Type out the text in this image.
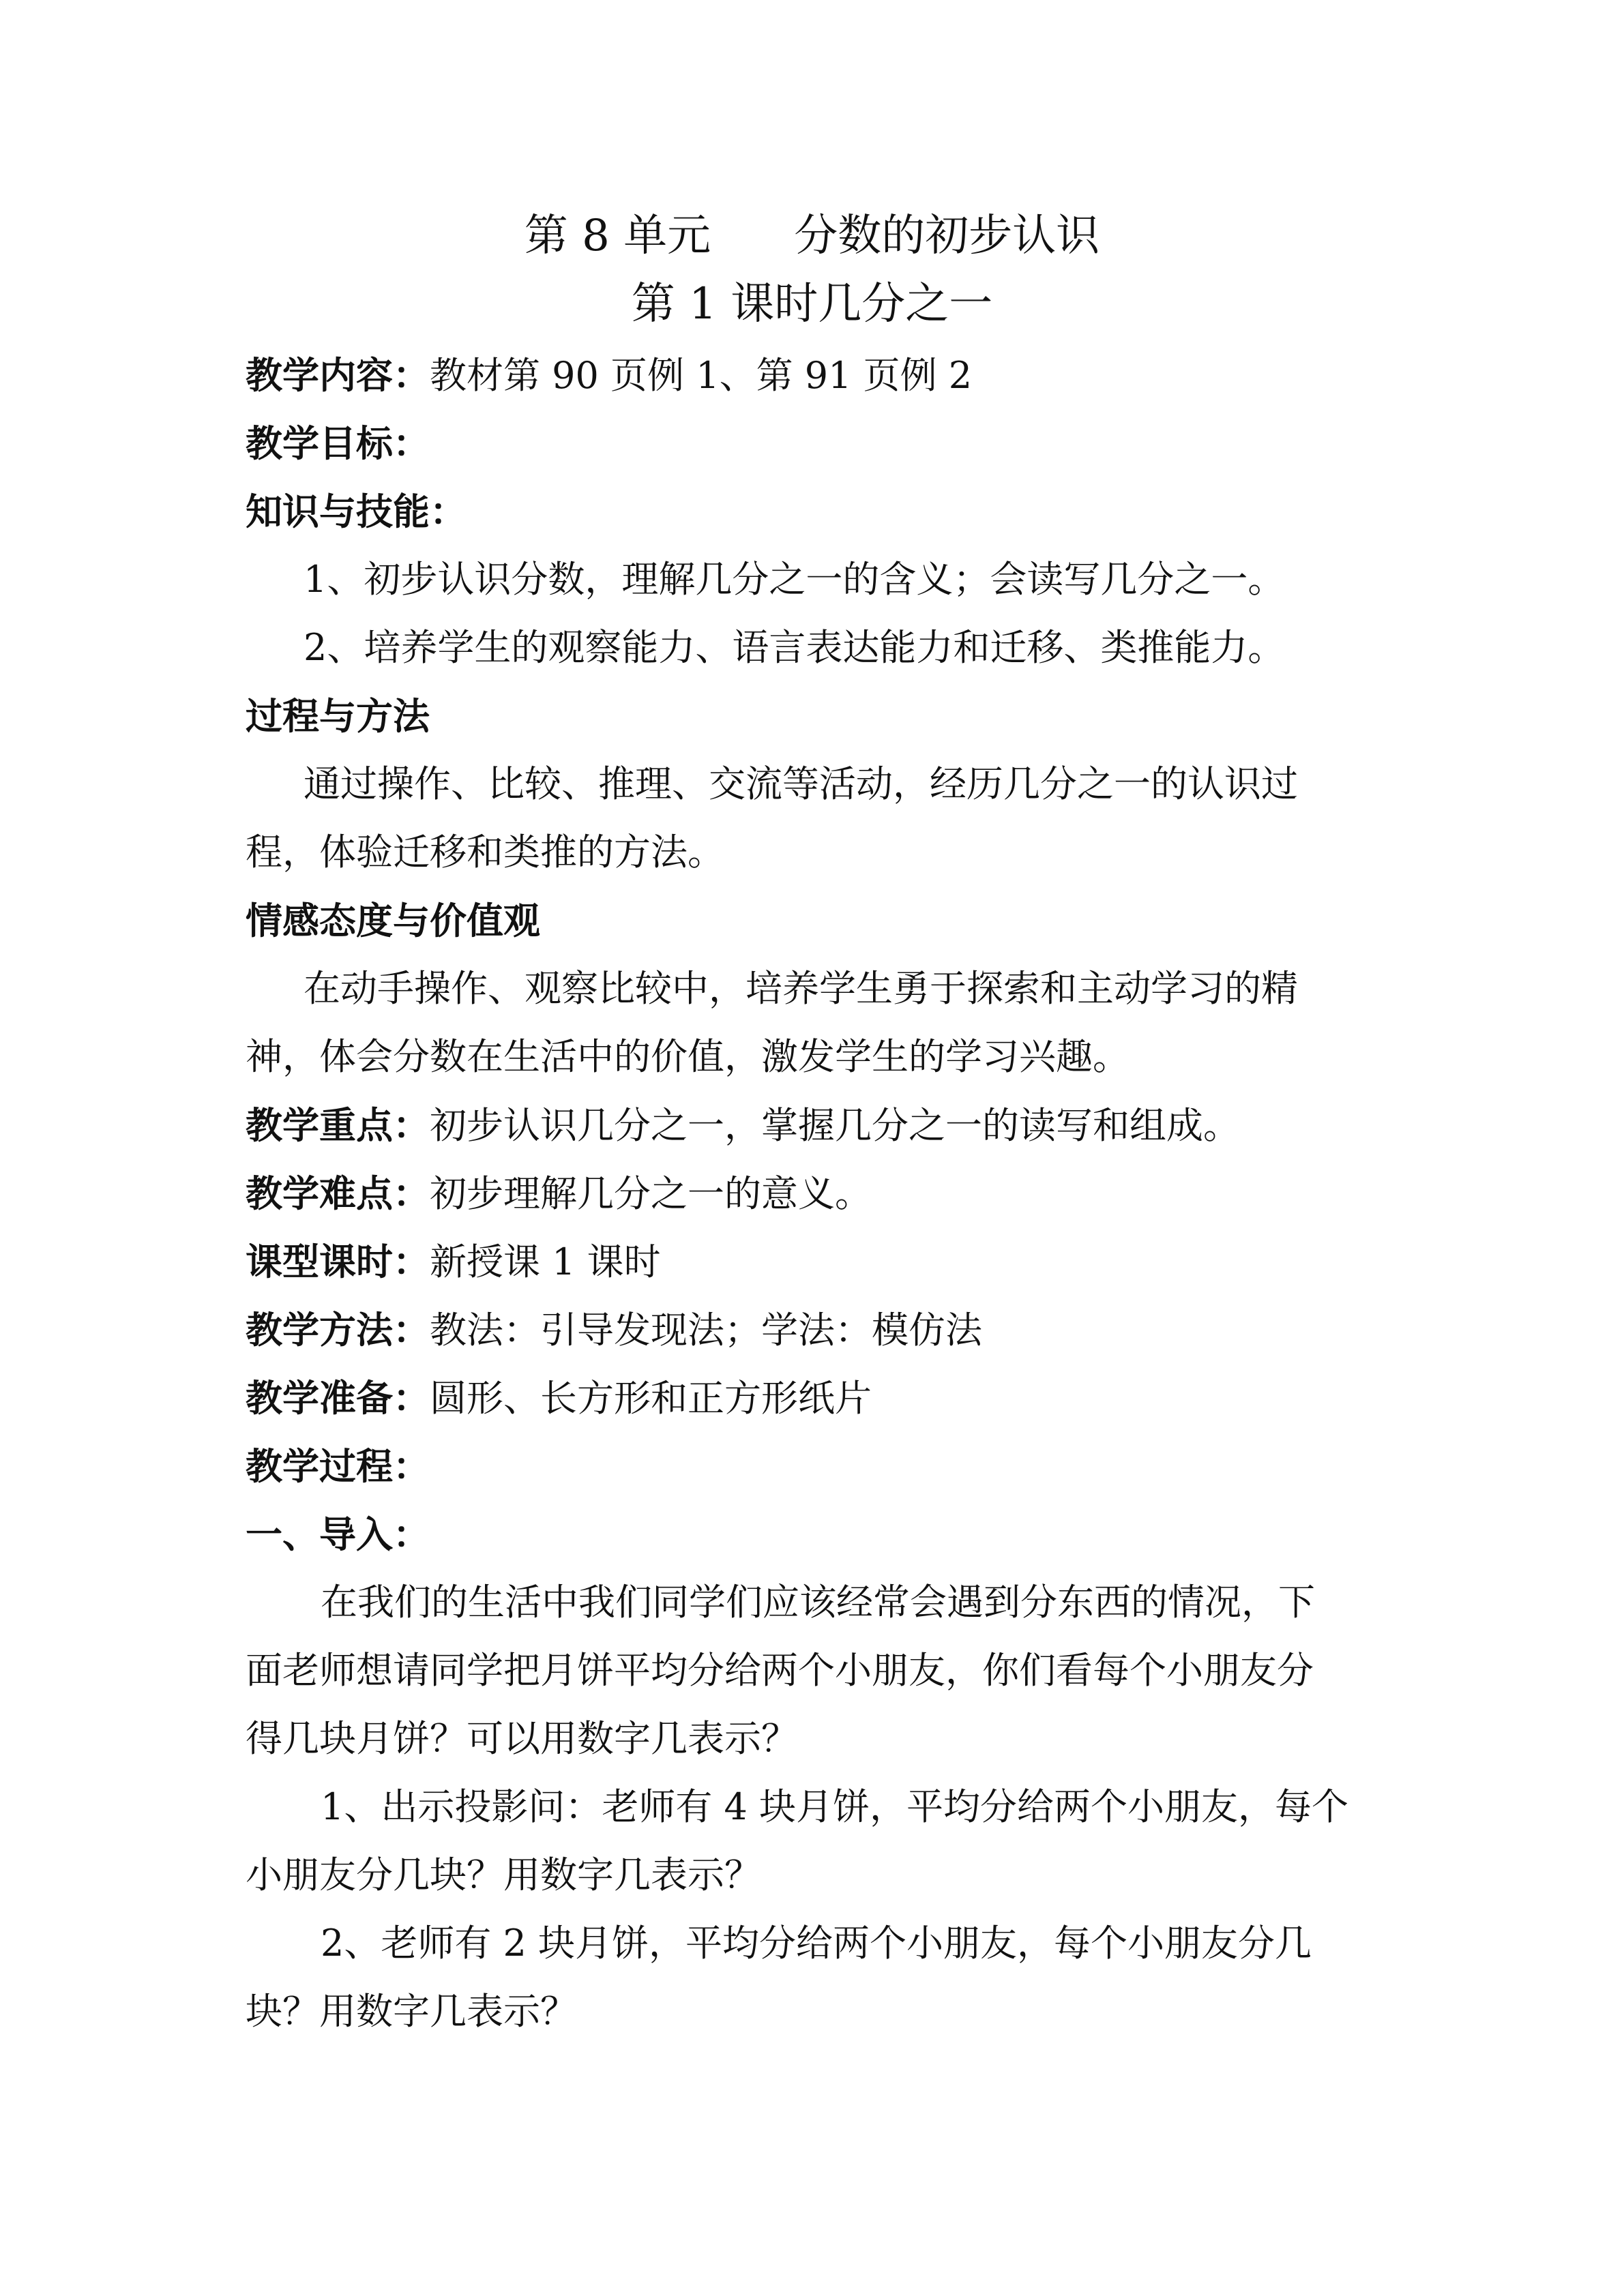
第 8 单元      分数的初步认识
第 1 课时几分之一
教学内容：教材第 90 页例 1、第 91 页例 2
教学目标：
知识与技能：
1、初步认识分数，理解几分之一的含义；会读写几分之一。
2、培养学生的观察能力、语言表达能力和迁移、类推能力。
过程与方法
通过操作、比较、推理、交流等活动，经历几分之一的认识过
程，体验迁移和类推的方法。
情感态度与价值观
在动手操作、观察比较中，培养学生勇于探索和主动学习的精
神，体会分数在生活中的价值，激发学生的学习兴趣。
教学重点：初步认识几分之一，掌握几分之一的读写和组成。
教学难点：初步理解几分之一的意义。
课型课时：新授课 1 课时
教学方法：教法：引导发现法；学法：模仿法
教学准备：圆形、长方形和正方形纸片
教学过程：
一、导入：
在我们的生活中我们同学们应该经常会遇到分东西的情况，下
面老师想请同学把月饼平均分给两个小朋友，你们看每个小朋友分
得几块月饼？可以用数字几表示？
1、出示投影问：老师有 4 块月饼，平均分给两个小朋友，每个
小朋友分几块？用数字几表示？
2、老师有 2 块月饼，平均分给两个小朋友，每个小朋友分几
块？用数字几表示？
